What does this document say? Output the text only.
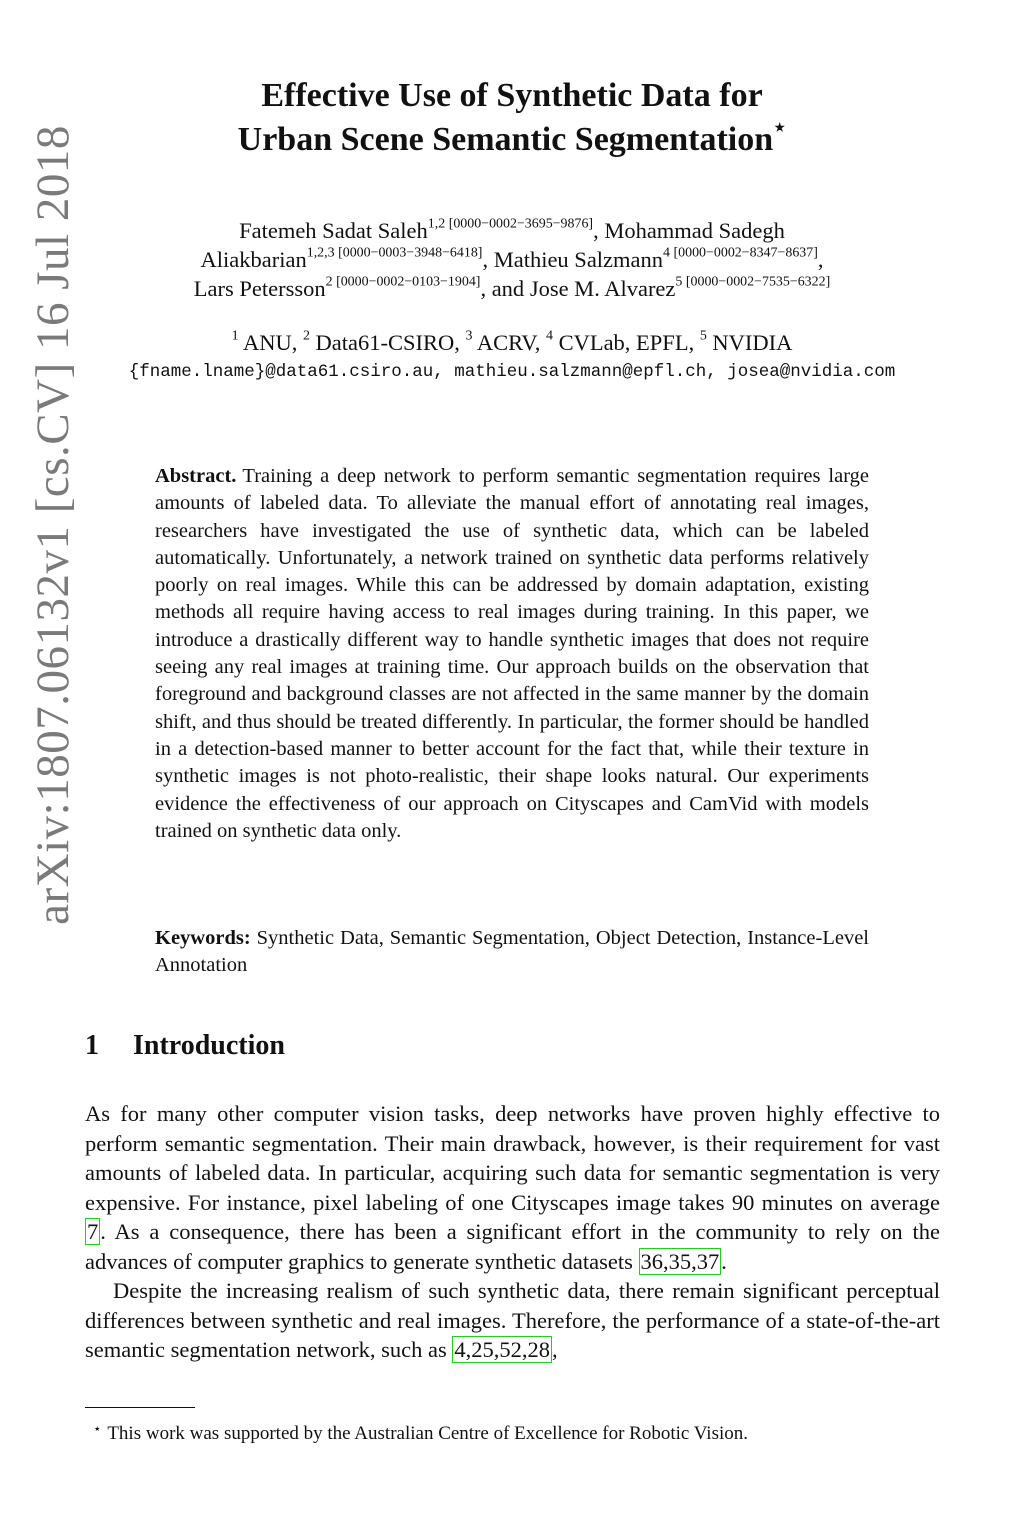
arXiv:1807.06132v1 [cs.CV] 16 Jul 2018
Effective Use of Synthetic Data for
Urban Scene Semantic Segmentation⋆
Fatemeh Sadat Saleh$^{1,2 [0000-0002-3695-9876]}$, Mohammad Sadegh
Aliakbarian$^{1,2,3 [0000-0003-3948-6418]}$, Mathieu Salzmann$^{4 [0000-0002-8347-8637]}$,
Lars Petersson$^{2 [0000-0002-0103-1904]}$, and Jose M. Alvarez$^{5 [0000-0002-7535-6322]}$
$^1$ ANU, $^2$ Data61-CSIRO, $^3$ ACRV, $^4$ CVLab, EPFL, $^5$ NVIDIA
{fname.lname}@data61.csiro.au, mathieu.salzmann@epfl.ch, josea@nvidia.com
Abstract. Training a deep network to perform semantic segmentation requires large amounts of labeled data. To alleviate the manual effort of annotating real images, researchers have investigated the use of synthetic data, which can be labeled automatically. Unfortunately, a network trained on synthetic data performs relatively poorly on real images. While this can be addressed by domain adaptation, existing methods all require having access to real images during training. In this paper, we introduce a drastically different way to handle synthetic images that does not require seeing any real images at training time. Our approach builds on the observation that foreground and background classes are not affected in the same manner by the domain shift, and thus should be treated differently. In particular, the former should be handled in a detection-based manner to better account for the fact that, while their texture in synthetic images is not photo-realistic, their shape looks natural. Our experiments evidence the effectiveness of our approach on Cityscapes and CamVid with models trained on synthetic data only.
Keywords: Synthetic Data, Semantic Segmentation, Object Detection, Instance-Level Annotation
1 Introduction

As for many other computer vision tasks, deep networks have proven highly effective to perform semantic segmentation. Their main drawback, however, is their requirement for vast amounts of labeled data. In particular, acquiring such data for semantic segmentation is very expensive. For instance, pixel labeling of one Cityscapes image takes 90 minutes on average 7. As a consequence, there has been a significant effort in the community to rely on the advances of computer graphics to generate synthetic datasets 36,35,37.

Despite the increasing realism of such synthetic data, there remain significant perceptual differences between synthetic and real images. Therefore, the performance of a state-of-the-art semantic segmentation network, such as 4,25,52,28,

⋆ This work was supported by the Australian Centre of Excellence for Robotic Vision.
